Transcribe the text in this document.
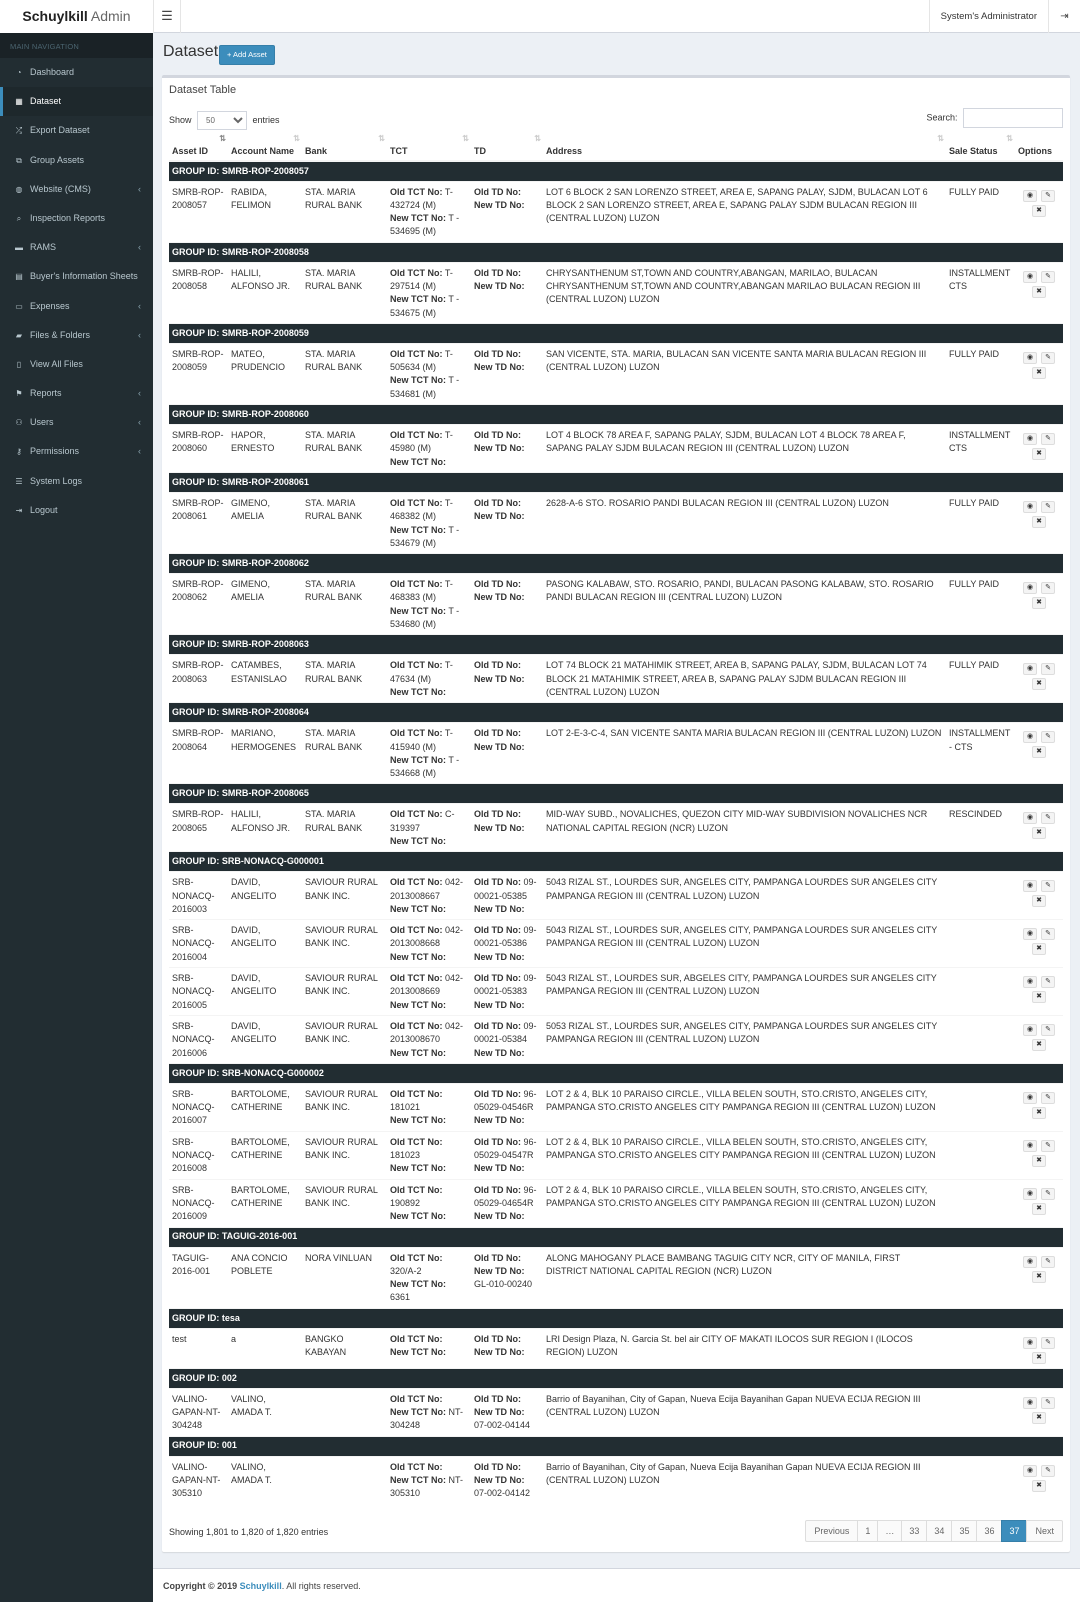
Schuylkill Admin	☰	System's Administrator	⇥
MAIN NAVIGATION
◔ Dashboard
▦ Dataset
⤮ Export Dataset
⧉ Group Assets
◍ Website (CMS)	‹
⌕ Inspection Reports
▬ RAMS	‹
▤ Buyer's Information Sheets
▭ Expenses	‹
▰ Files & Folders	‹
▯ View All Files
⚑ Reports	‹
⚇ Users	‹
⚷ Permissions	‹
☰ System Logs
⇥ Logout
Dataset	+ Add Asset
Dataset Table
Show
50	entries	Search:
Asset ID
⇅	Account Name
⇅	Bank
⇅	TCT
⇅	TD
⇅	Address
⇅	Sale Status
⇅	Options
GROUP ID: SMRB-ROP-2008057							
SMRB-ROP-2008057	RABIDA, FELIMON	STA. MARIA RURAL BANK	Old TCT No: T-432724 (M)
New TCT No: T - 534695 (M)	Old TD No:
New TD No:	LOT 6 BLOCK 2 SAN LORENZO STREET, AREA E, SAPANG PALAY, SJDM, BULACAN LOT 6 BLOCK 2 SAN LORENZO STREET, AREA E, SAPANG PALAY SJDM BULACAN REGION III (CENTRAL LUZON) LUZON	FULLY PAID	◉ ✎
✖
GROUP ID: SMRB-ROP-2008058							
SMRB-ROP-2008058	HALILI, ALFONSO JR.	STA. MARIA RURAL BANK	Old TCT No: T-297514 (M)
New TCT No: T - 534675 (M)	Old TD No:
New TD No:	CHRYSANTHENUM ST,TOWN AND COUNTRY,ABANGAN, MARILAO, BULACAN CHRYSANTHENUM ST,TOWN AND COUNTRY,ABANGAN MARILAO BULACAN REGION III (CENTRAL LUZON) LUZON	INSTALLMENT CTS	◉ ✎
✖
GROUP ID: SMRB-ROP-2008059							
SMRB-ROP-2008059	MATEO, PRUDENCIO	STA. MARIA RURAL BANK	Old TCT No: T-505634 (M)
New TCT No: T - 534681 (M)	Old TD No:
New TD No:	SAN VICENTE, STA. MARIA, BULACAN SAN VICENTE SANTA MARIA BULACAN REGION III (CENTRAL LUZON) LUZON	FULLY PAID	◉ ✎
✖
GROUP ID: SMRB-ROP-2008060							
SMRB-ROP-2008060	HAPOR, ERNESTO	STA. MARIA RURAL BANK	Old TCT No: T-45980 (M)
New TCT No:	Old TD No:
New TD No:	LOT 4 BLOCK 78 AREA F, SAPANG PALAY, SJDM, BULACAN LOT 4 BLOCK 78 AREA F, SAPANG PALAY SJDM BULACAN REGION III (CENTRAL LUZON) LUZON	INSTALLMENT CTS	◉ ✎
✖
GROUP ID: SMRB-ROP-2008061							
SMRB-ROP-2008061	GIMENO, AMELIA	STA. MARIA RURAL BANK	Old TCT No: T-468382 (M)
New TCT No: T - 534679 (M)	Old TD No:
New TD No:	2628-A-6 STO. ROSARIO PANDI BULACAN REGION III (CENTRAL LUZON) LUZON	FULLY PAID	◉ ✎
✖
GROUP ID: SMRB-ROP-2008062							
SMRB-ROP-2008062	GIMENO, AMELIA	STA. MARIA RURAL BANK	Old TCT No: T-468383 (M)
New TCT No: T - 534680 (M)	Old TD No:
New TD No:	PASONG KALABAW, STO. ROSARIO, PANDI, BULACAN PASONG KALABAW, STO. ROSARIO PANDI BULACAN REGION III (CENTRAL LUZON) LUZON	FULLY PAID	◉ ✎
✖
GROUP ID: SMRB-ROP-2008063							
SMRB-ROP-2008063	CATAMBES, ESTANISLAO	STA. MARIA RURAL BANK	Old TCT No: T-47634 (M)
New TCT No:	Old TD No:
New TD No:	LOT 74 BLOCK 21 MATAHIMIK STREET, AREA B, SAPANG PALAY, SJDM, BULACAN LOT 74 BLOCK 21 MATAHIMIK STREET, AREA B, SAPANG PALAY SJDM BULACAN REGION III (CENTRAL LUZON) LUZON	FULLY PAID	◉ ✎
✖
GROUP ID: SMRB-ROP-2008064							
SMRB-ROP-2008064	MARIANO, HERMOGENES	STA. MARIA RURAL BANK	Old TCT No: T-415940 (M)
New TCT No: T - 534668 (M)	Old TD No:
New TD No:	LOT 2-E-3-C-4, SAN VICENTE SANTA MARIA BULACAN REGION III (CENTRAL LUZON) LUZON	INSTALLMENT - CTS	◉ ✎
✖
GROUP ID: SMRB-ROP-2008065							
SMRB-ROP-2008065	HALILI, ALFONSO JR.	STA. MARIA RURAL BANK	Old TCT No: C-319397
New TCT No:	Old TD No:
New TD No:	MID-WAY SUBD., NOVALICHES, QUEZON CITY MID-WAY SUBDIVISION NOVALICHES NCR NATIONAL CAPITAL REGION (NCR) LUZON	RESCINDED	◉ ✎
✖
GROUP ID: SRB-NONACQ-G000001							
SRB-NONACQ-2016003	DAVID, ANGELITO	SAVIOUR RURAL BANK INC.	Old TCT No: 042-2013008667
New TCT No:	Old TD No: 09-00021-05385
New TD No:	5043 RIZAL ST., LOURDES SUR, ANGELES CITY, PAMPANGA LOURDES SUR ANGELES CITY PAMPANGA REGION III (CENTRAL LUZON) LUZON		◉ ✎
✖
SRB-NONACQ-2016004	DAVID, ANGELITO	SAVIOUR RURAL BANK INC.	Old TCT No: 042-2013008668
New TCT No:	Old TD No: 09-00021-05386
New TD No:	5043 RIZAL ST., LOURDES SUR, ANGELES CITY, PAMPANGA LOURDES SUR ANGELES CITY PAMPANGA REGION III (CENTRAL LUZON) LUZON		◉ ✎
✖
SRB-NONACQ-2016005	DAVID, ANGELITO	SAVIOUR RURAL BANK INC.	Old TCT No: 042-2013008669
New TCT No:	Old TD No: 09-00021-05383
New TD No:	5043 RIZAL ST., LOURDES SUR, ABGELES CITY, PAMPANGA LOURDES SUR ANGELES CITY PAMPANGA REGION III (CENTRAL LUZON) LUZON		◉ ✎
✖
SRB-NONACQ-2016006	DAVID, ANGELITO	SAVIOUR RURAL BANK INC.	Old TCT No: 042-2013008670
New TCT No:	Old TD No: 09-00021-05384
New TD No:	5053 RIZAL ST., LOURDES SUR, ANGELES CITY, PAMPANGA LOURDES SUR ANGELES CITY PAMPANGA REGION III (CENTRAL LUZON) LUZON		◉ ✎
✖
GROUP ID: SRB-NONACQ-G000002							
SRB-NONACQ-2016007	BARTOLOME, CATHERINE	SAVIOUR RURAL BANK INC.	Old TCT No: 181021
New TCT No:	Old TD No: 96-05029-04546R
New TD No:	LOT 2 & 4, BLK 10 PARAISO CIRCLE., VILLA BELEN SOUTH, STO.CRISTO, ANGELES CITY, PAMPANGA STO.CRISTO ANGELES CITY PAMPANGA REGION III (CENTRAL LUZON) LUZON		◉ ✎
✖
SRB-NONACQ-2016008	BARTOLOME, CATHERINE	SAVIOUR RURAL BANK INC.	Old TCT No: 181023
New TCT No:	Old TD No: 96-05029-04547R
New TD No:	LOT 2 & 4, BLK 10 PARAISO CIRCLE., VILLA BELEN SOUTH, STO.CRISTO, ANGELES CITY, PAMPANGA STO.CRISTO ANGELES CITY PAMPANGA REGION III (CENTRAL LUZON) LUZON		◉ ✎
✖
SRB-NONACQ-2016009	BARTOLOME, CATHERINE	SAVIOUR RURAL BANK INC.	Old TCT No: 190892
New TCT No:	Old TD No: 96-05029-04654R
New TD No:	LOT 2 & 4, BLK 10 PARAISO CIRCLE., VILLA BELEN SOUTH, STO.CRISTO, ANGELES CITY, PAMPANGA STO.CRISTO ANGELES CITY PAMPANGA REGION III (CENTRAL LUZON) LUZON		◉ ✎
✖
GROUP ID: TAGUIG-2016-001							
TAGUIG-2016-001	ANA CONCIO POBLETE	NORA VINLUAN	Old TCT No: 320/A-2
New TCT No: 6361	Old TD No:
New TD No: GL-010-00240	ALONG MAHOGANY PLACE BAMBANG TAGUIG CITY NCR, CITY OF MANILA, FIRST DISTRICT NATIONAL CAPITAL REGION (NCR) LUZON		◉ ✎
✖
GROUP ID: tesa							
test	a	BANGKO KABAYAN	Old TCT No:
New TCT No:	Old TD No:
New TD No:	LRI Design Plaza, N. Garcia St. bel air CITY OF MAKATI ILOCOS SUR REGION I (ILOCOS REGION) LUZON		◉ ✎
✖
GROUP ID: 002							
VALINO-GAPAN-NT-304248	VALINO, AMADA T.		Old TCT No:
New TCT No: NT-304248	Old TD No:
New TD No: 07-002-04144	Barrio of Bayanihan, City of Gapan, Nueva Ecija Bayanihan Gapan NUEVA ECIJA REGION III (CENTRAL LUZON) LUZON		◉ ✎
✖
GROUP ID: 001							
VALINO-GAPAN-NT-305310	VALINO, AMADA T.		Old TCT No:
New TCT No: NT-305310	Old TD No:
New TD No: 07-002-04142	Barrio of Bayanihan, City of Gapan, Nueva Ecija Bayanihan Gapan NUEVA ECIJA REGION III (CENTRAL LUZON) LUZON		◉ ✎
✖
Showing 1,801 to 1,820 of 1,820 entries	Previous	1	…	33	34	35	36	37	Next
Copyright © 2019 Schuylkill. All rights reserved.
